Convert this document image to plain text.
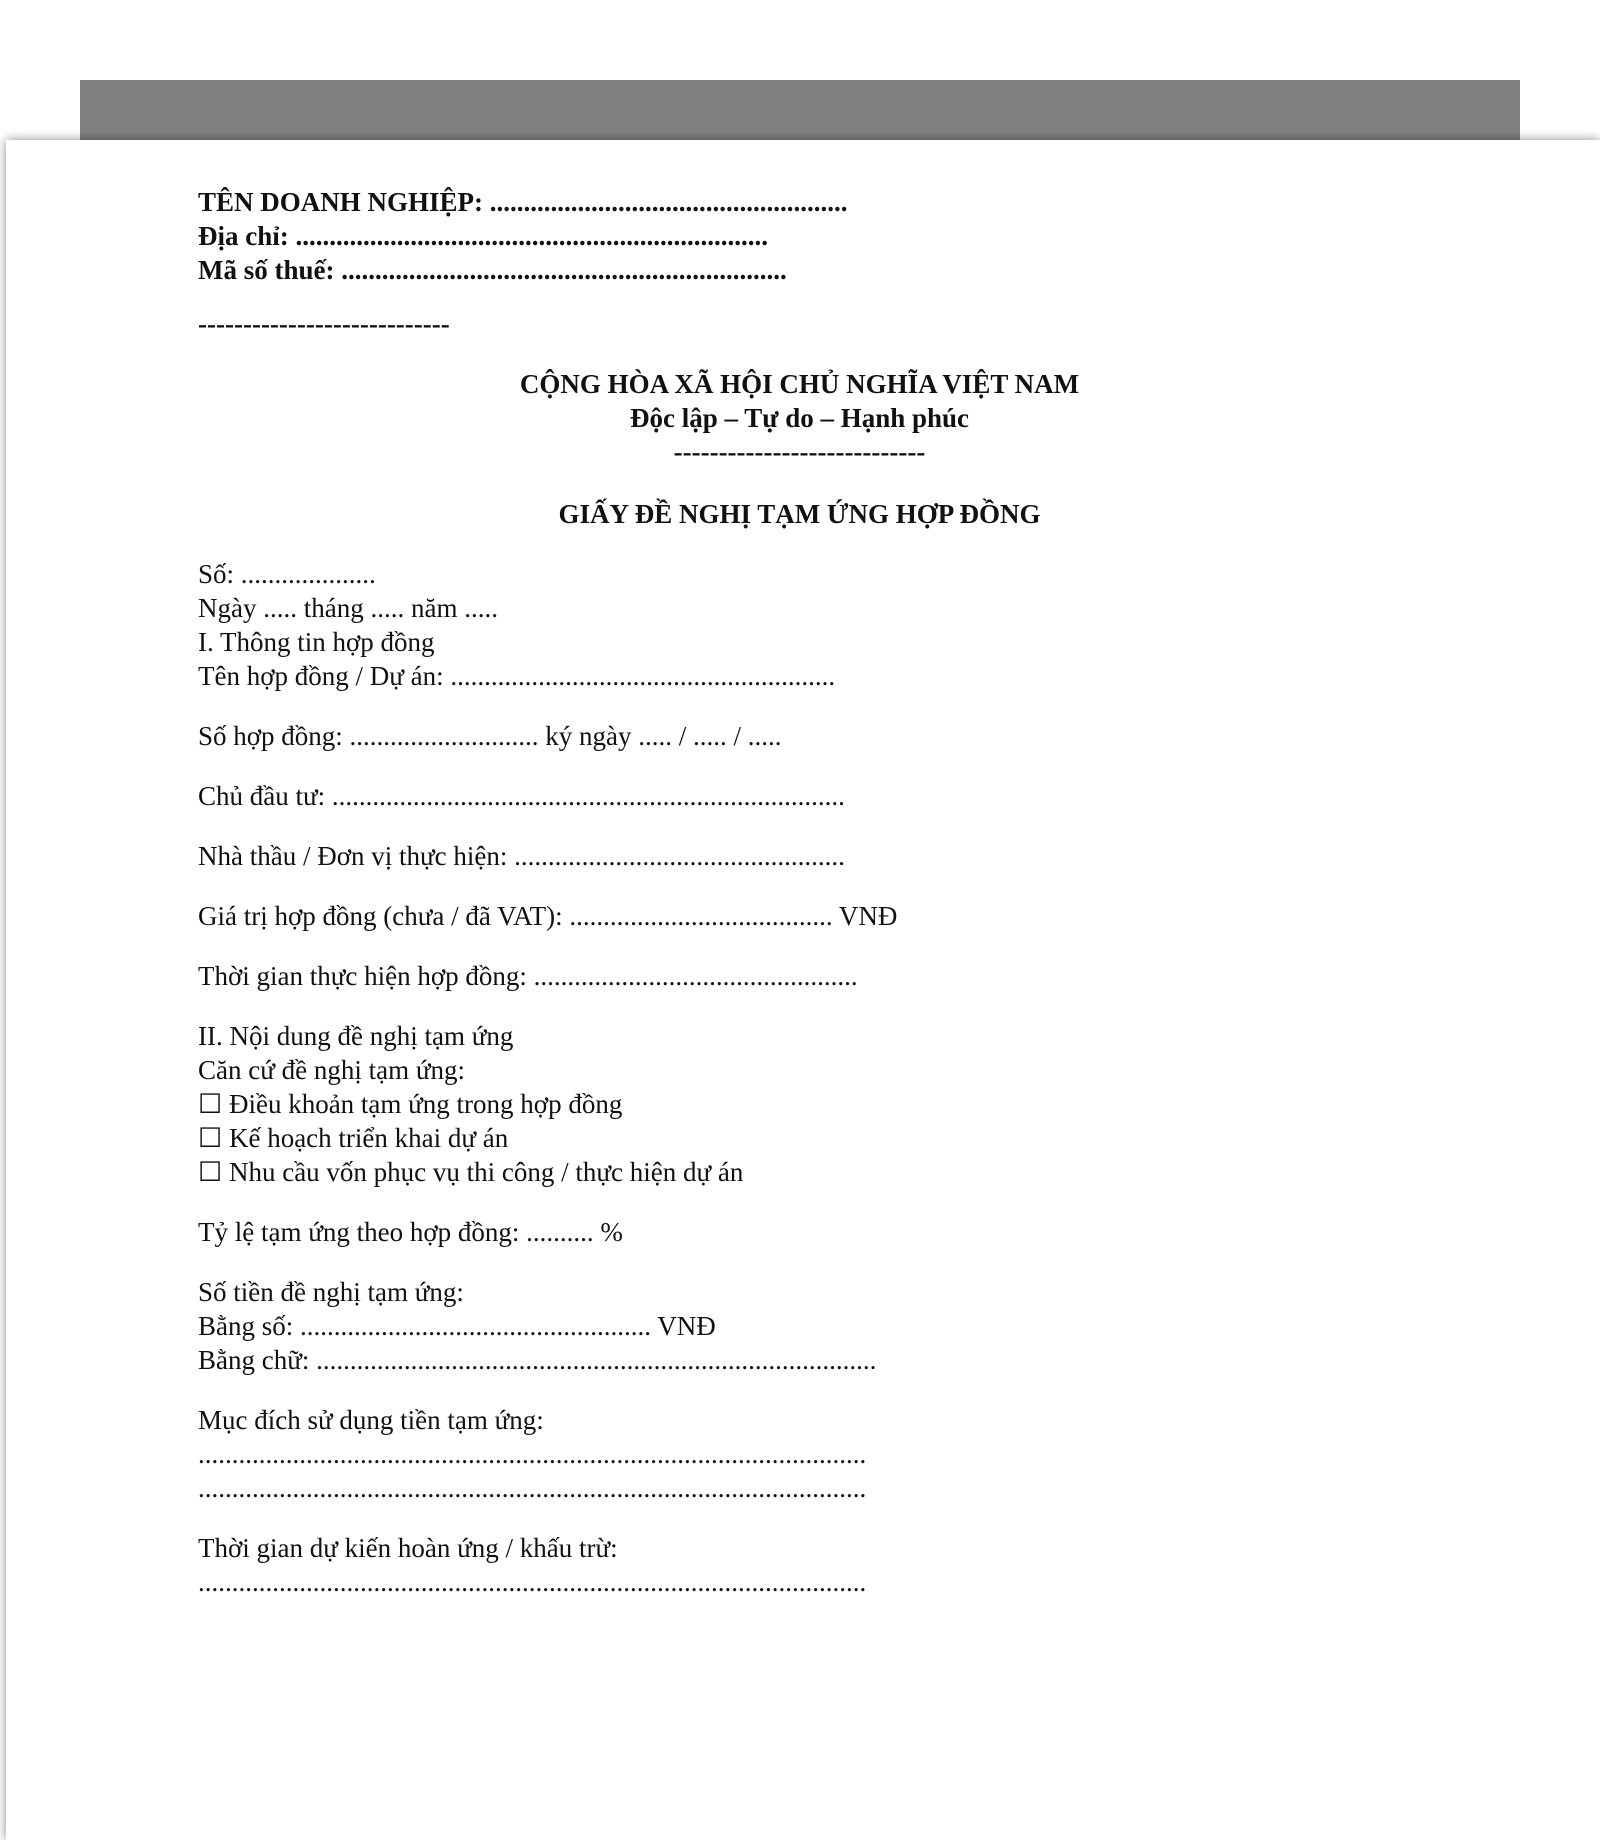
TÊN DOANH NGHIỆP: .....................................................
Địa chỉ: ......................................................................
Mã số thuế: ..................................................................
----------------------------
CỘNG HÒA XÃ HỘI CHỦ NGHĨA VIỆT NAM
Độc lập – Tự do – Hạnh phúc
----------------------------
GIẤY ĐỀ NGHỊ TẠM ỨNG HỢP ĐỒNG
Số: ....................
Ngày ..... tháng ..... năm .....
I. Thông tin hợp đồng
Tên hợp đồng / Dự án: .........................................................
Số hợp đồng: ............................ ký ngày ..... / ..... / .....
Chủ đầu tư: ............................................................................
Nhà thầu / Đơn vị thực hiện: .................................................
Giá trị hợp đồng (chưa / đã VAT): ....................................... VNĐ
Thời gian thực hiện hợp đồng: ................................................
II. Nội dung đề nghị tạm ứng
Căn cứ đề nghị tạm ứng:
☐ Điều khoản tạm ứng trong hợp đồng
☐ Kế hoạch triển khai dự án
☐ Nhu cầu vốn phục vụ thi công / thực hiện dự án
Tỷ lệ tạm ứng theo hợp đồng: .......... %
Số tiền đề nghị tạm ứng:
Bằng số: .................................................... VNĐ
Bằng chữ: ...................................................................................
Mục đích sử dụng tiền tạm ứng:
...................................................................................................
...................................................................................................
Thời gian dự kiến hoàn ứng / khấu trừ:
...................................................................................................
